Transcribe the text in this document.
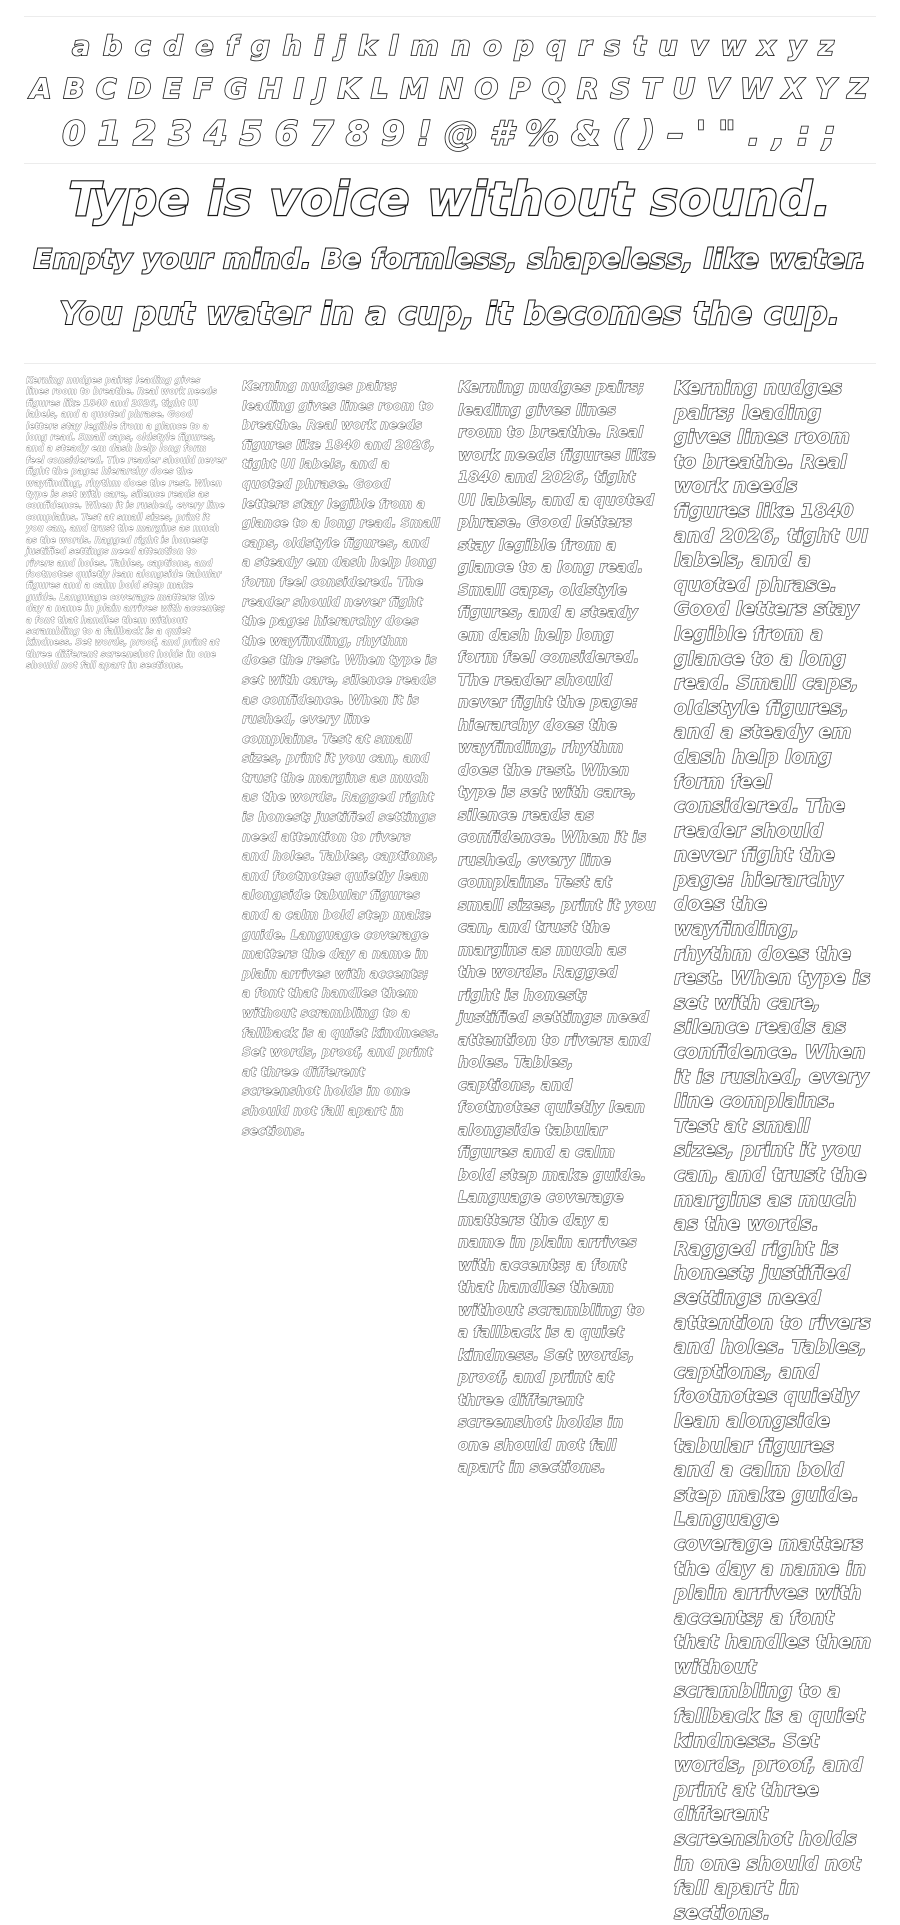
a b c d e f g h i j k l m n o p q r s t u v w x y z
A B C D E F G H I J K L M N O P Q R S T U V W X Y Z
0 1 2 3 4 5 6 7 8 9 ! @ # % & ( ) – ' " . , : ;
Type is voice without sound.
Empty your mind. Be formless, shapeless, like water.
You put water in a cup, it becomes the cup.

Kerning nudges pairs; leading gives lines room to breathe. Real work needs figures like 1840 and 2026, tight UI labels, and a quoted phrase. Good letters stay legible from a glance to a long read. Small caps, oldstyle figures, and a steady em dash help long form feel considered. The reader should never fight the page: hierarchy does the wayfinding, rhythm does the rest. When type is set with care, silence reads as confidence. When it is rushed, every line complains. Test at small sizes, print it you can, and trust the margins as much as the words. Ragged right is honest; justified settings need attention to rivers and holes. Tables, captions, and footnotes quietly lean alongside tabular figures and a calm bold step make guide. Language coverage matters the day a name in plain arrives with accents; a font that handles them without scrambling to a fallback is a quiet kindness. Set words, proof, and print at three different screenshot holds in one should not fall apart in sections.

Kerning nudges pairs; leading gives lines room to breathe. Real work needs figures like 1840 and 2026, tight UI labels, and a quoted phrase. Good letters stay legible from a glance to a long read. Small caps, oldstyle figures, and a steady em dash help long form feel considered. The reader should never fight the page: hierarchy does the wayfinding, rhythm does the rest. When type is set with care, silence reads as confidence. When it is rushed, every line complains. Test at small sizes, print it you can, and trust the margins as much as the words. Ragged right is honest; justified settings need attention to rivers and holes. Tables, captions, and footnotes quietly lean alongside tabular figures and a calm bold step make guide. Language coverage matters the day a name in plain arrives with accents; a font that handles them without scrambling to a fallback is a quiet kindness. Set words, proof, and print at three different screenshot holds in one should not fall apart in sections.

Kerning nudges pairs; leading gives lines room to breathe. Real work needs figures like 1840 and 2026, tight UI labels, and a quoted phrase. Good letters stay legible from a glance to a long read. Small caps, oldstyle figures, and a steady em dash help long form feel considered. The reader should never fight the page: hierarchy does the wayfinding, rhythm does the rest. When type is set with care, silence reads as confidence. When it is rushed, every line complains. Test at small sizes, print it you can, and trust the margins as much as the words. Ragged right is honest; justified settings need attention to rivers and holes. Tables, captions, and footnotes quietly lean alongside tabular figures and a calm bold step make guide. Language coverage matters the day a name in plain arrives with accents; a font that handles them without scrambling to a fallback is a quiet kindness. Set words, proof, and print at three different screenshot holds in one should not fall apart in sections.

Kerning nudges pairs; leading gives lines room to breathe. Real work needs figures like 1840 and 2026, tight UI labels, and a quoted phrase. Good letters stay legible from a glance to a long read. Small caps, oldstyle figures, and a steady em dash help long form feel considered. The reader should never fight the page: hierarchy does the wayfinding, rhythm does the rest. When type is set with care, silence reads as confidence. When it is rushed, every line complains. Test at small sizes, print it you can, and trust the margins as much as the words. Ragged right is honest; justified settings need attention to rivers and holes. Tables, captions, and footnotes quietly lean alongside tabular figures and a calm bold step make guide. Language coverage matters the day a name in plain arrives with accents; a font that handles them without scrambling to a fallback is a quiet kindness. Set words, proof, and print at three different screenshot holds in one should not fall apart in sections.
